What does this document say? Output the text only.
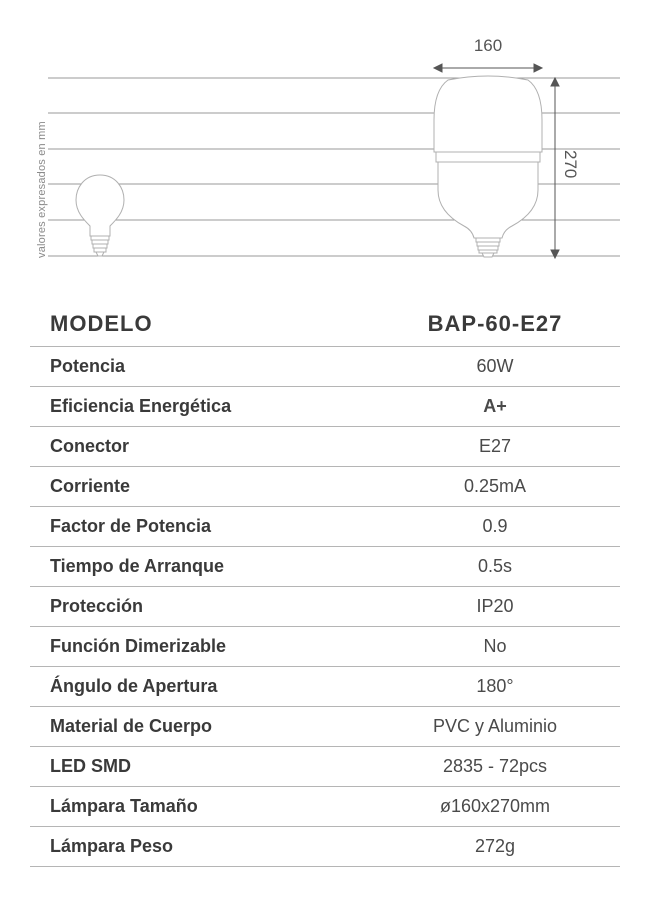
valores expresados en mm
160
270
MODELO	BAP-60-E27
Potencia	60W
Eficiencia Energética	A+
Conector	E27
Corriente	0.25mA
Factor de Potencia	0.9
Tiempo de Arranque	0.5s
Protección	IP20
Función Dimerizable	No
Ángulo de Apertura	180°
Material de Cuerpo	PVC y Aluminio
LED SMD	2835 - 72pcs
Lámpara Tamaño	ø160x270mm
Lámpara Peso	272g
